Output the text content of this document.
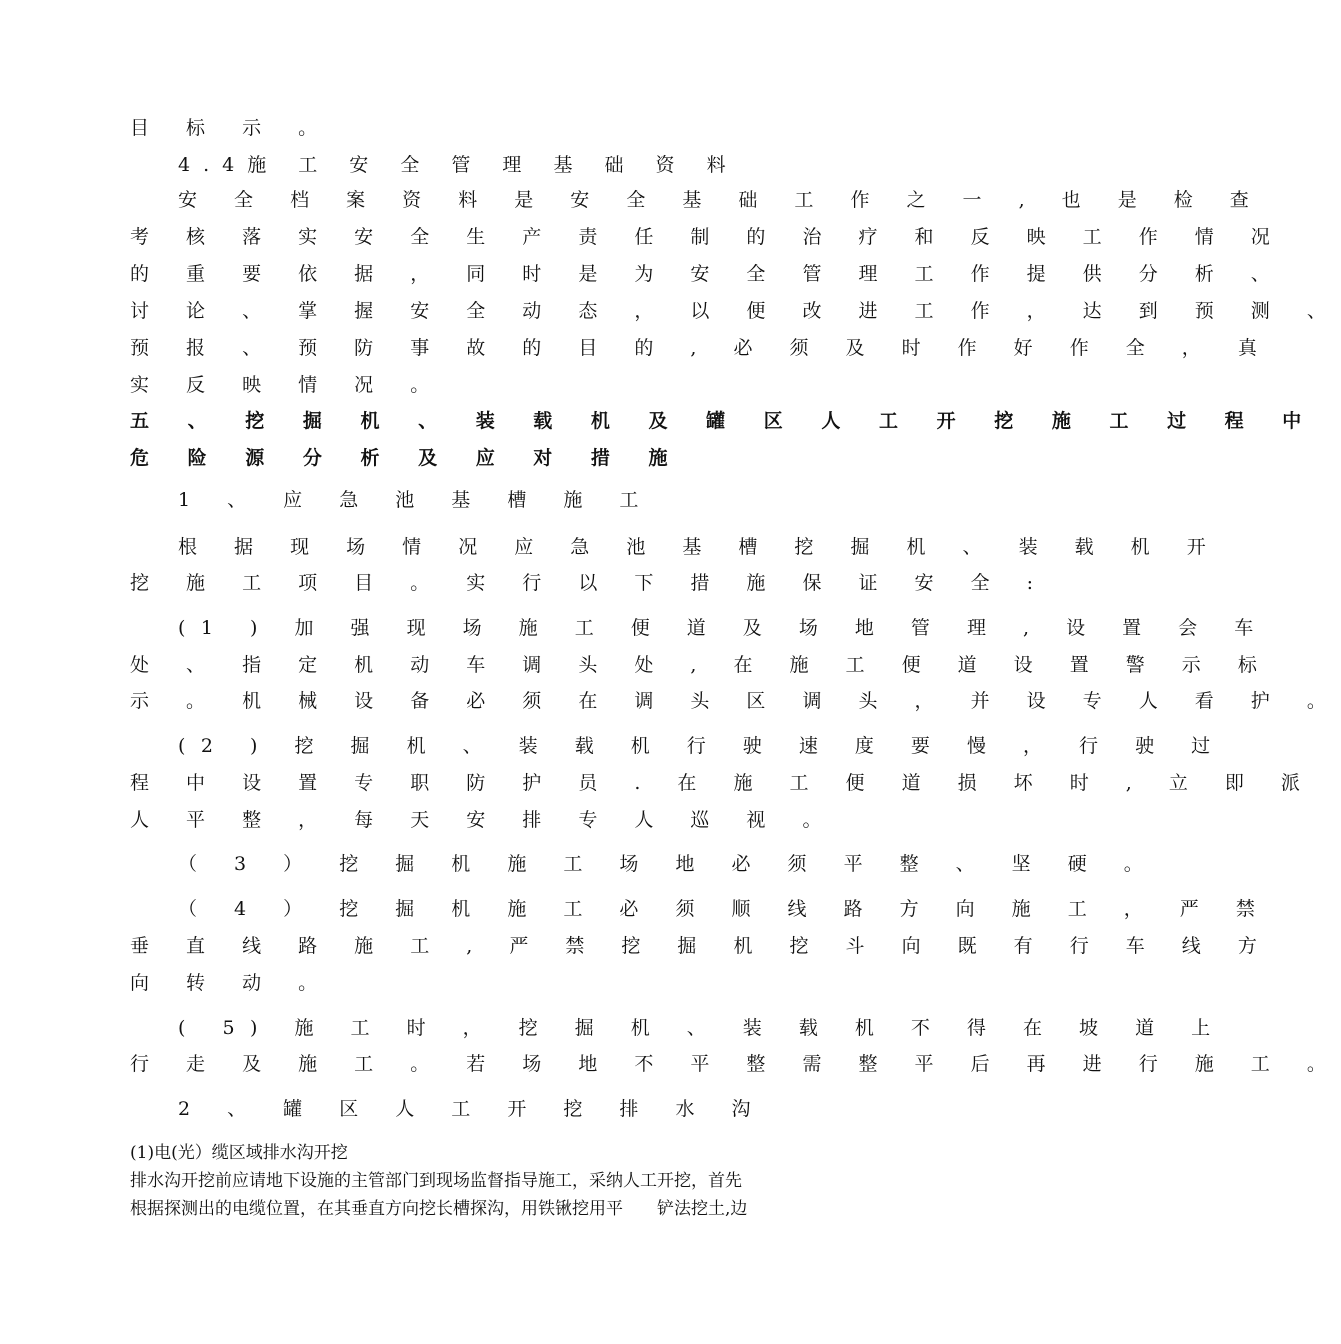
目 标 示 。
4.4施 工 安 全 管 理 基 础 资 料
安 全 档 案 资 料 是 安 全 基 础 工 作 之 一 , 也 是 检 查
考 核 落 实 安 全 生 产 责 任 制 的 治 疗 和 反 映 工 作 情 况
的 重 要 依 据 ， 同 时 是 为 安 全 管 理 工 作 提 供 分 析 、
讨 论 、 掌 握 安 全 动 态 ， 以 便 改 进 工 作 ， 达 到 预 测 、
预 报 、 预 防 事 故 的 目 的 , 必 须 及 时 作 好 作 全 ， 真
实 反 映 情 况 。
五 、 挖 掘 机 、 装 载 机 及 罐 区 人 工 开 挖 施 工 过 程 中
危 险 源 分 析 及 应 对 措 施
1 、 应 急 池 基 槽 施 工
根 据 现 场 情 况 应 急 池 基 槽 挖 掘 机 、 装 载 机 开
挖 施 工 项 目 。 实 行 以 下 措 施 保 证 安 全 :
(1 ) 加 强 现 场 施 工 便 道 及 场 地 管 理 , 设 置 会 车
处 、 指 定 机 动 车 调 头 处 , 在 施 工 便 道 设 置 警 示 标
示 。 机 械 设 备 必 须 在 调 头 区 调 头 ， 并 设 专 人 看 护 。
(2 ) 挖 掘 机 、 装 载 机 行 驶 速 度 要 慢 ， 行 驶 过
程 中 设 置 专 职 防 护 员 . 在 施 工 便 道 损 坏 时 , 立 即 派
人 平 整 ， 每 天 安 排 专 人 巡 视 。
（ 3 ） 挖 掘 机 施 工 场 地 必 须 平 整 、 坚 硬 。
（ 4 ） 挖 掘 机 施 工 必 须 顺 线 路 方 向 施 工 ， 严 禁
垂 直 线 路 施 工 , 严 禁 挖 掘 机 挖 斗 向 既 有 行 车 线 方
向 转 动 。
( 5) 施 工 时 ， 挖 掘 机 、 装 载 机 不 得 在 坡 道 上
行 走 及 施 工 。 若 场 地 不 平 整 需 整 平 后 再 进 行 施 工 。
2 、 罐 区 人 工 开 挖 排 水 沟
(1)电(光）缆区域排水沟开挖
排水沟开挖前应请地下设施的主管部门到现场监督指导施工，采纳人工开挖，首先
根据探测出的电缆位置，在其垂直方向挖长槽探沟，用铁锹挖用平　　铲法挖土,边
